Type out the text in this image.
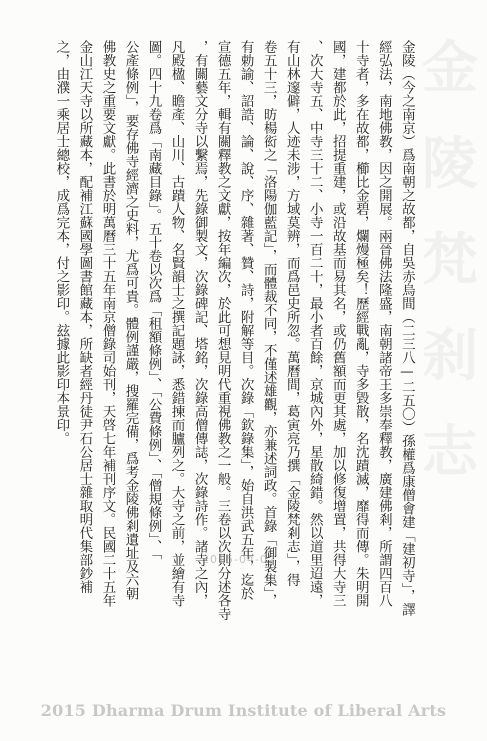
金
陵
梵
刹
志
金陵（今之南京）爲南朝之故都，自吳赤烏間（二三八—二五〇）孫權爲康僧會建「建初寺」，譯
經弘法，南地佛教，因之開展。兩晉佛法隆盛，南朝諸帝王多崇奉釋教，廣建佛剎，所謂四百八
十寺者，多在故都，櫛比金碧，爛熳極矣！歷經戰亂，寺多毀散，名沈蹟滅，靡得而傳。朱明開
國，建都於此，招提重建，或沿故基而易其名，或仍舊額而更其處，加以修復增置，共得大寺三
、次大寺五、中寺三十二、小寺一百二十，最小者百餘，京城內外，星散綺錯。然以道里迢遠，
有山林邃僻，人迹未涉，方域莫辨，而爲邑史所忽。萬曆間，葛寅亮乃撰「金陵梵剎志」，得
卷五十三，昉楊衒之「洛陽伽藍記」，而體裁不同，不僅述雄觀，亦兼述詞政。首錄「御製集」，
有勅諭、詔誥、論、說、序、雜著、贊、詩，附解等目。次錄「欽錄集」，始自洪武五年，迄於
宣德五年，輯有關釋教之文獻，按年編次，於此可想見明代重視佛教之一般。三卷以次則分述各寺
，有關藝文分寺以繫焉，先錄御製文，次錄碑記、塔銘，次錄高僧傳誌，次錄詩作。諸寺之內，
凡殿楹、瞻產、山川、古蹟人物、名賢韻士之撰記題詠，悉錯揀而臚列之。大寺之前，並繪有寺
圖。四十九卷爲「南藏目錄」。五十卷以次爲「租額條例」、「公費條例」、「僧規條例」、「
公產條例」，要存佛寺經濟之史料，尤爲可貴。體例謹嚴，搜羅完備，爲考金陵佛剎遺址及六朝
佛教史之重要文獻。此書於明萬曆三十五年南京僧錄司始刊，天啓七年補刊序文。民國二十五年
金山江天寺以所藏本，配補江蘇國學圖書館藏本，所缺者經丹徒尹石公居士雜取明代集部鈔補
之，由濮一乘居士總校，成爲完本，付之影印。玆據此影印本景印。
2015-04-02
2015 Dharma Drum Institute of Liberal Arts
